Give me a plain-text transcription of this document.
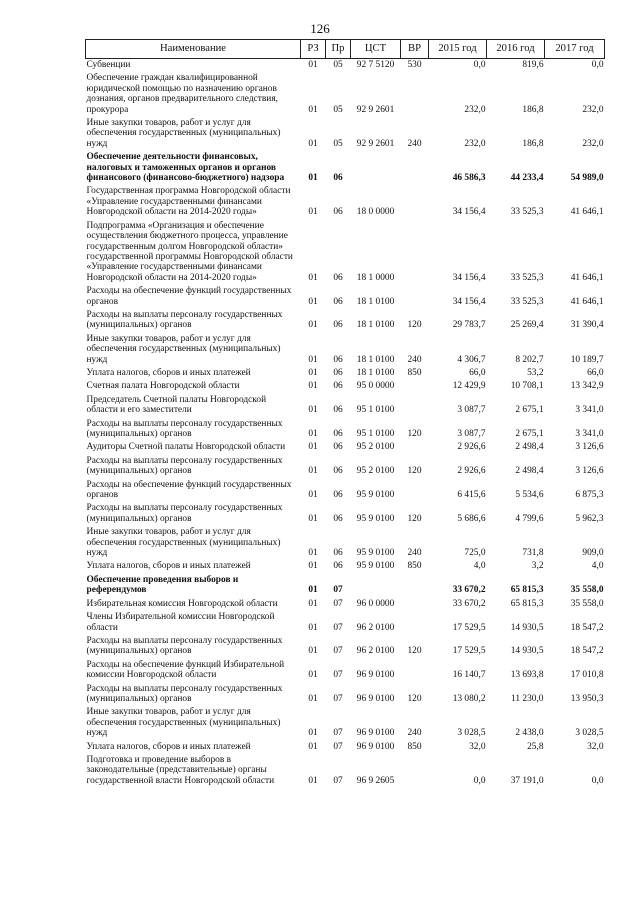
126
Наименование	РЗ	Пр	ЦСТ	ВР	2015 год	2016 год	2017 год
Субвенции	01	05	92 7 5120	530	0,0	819,6	0,0
Обеспечение граждан квалифицированной юридической помощью по назначению органов дознания, органов предварительного следствия, прокурора	01	05	92 9 2601		232,0	186,8	232,0
Иные закупки товаров, работ и услуг для обеспечения государственных (муниципальных) нужд	01	05	92 9 2601	240	232,0	186,8	232,0
Обеспечение деятельности финансовых, налоговых и таможенных органов и органов финансового (финансово-бюджетного) надзора	01	06			46 586,3	44 233,4	54 989,0
Государственная программа Новгородской области «Управление государственными финансами Новгородской области на 2014-2020 годы»	01	06	18 0 0000		34 156,4	33 525,3	41 646,1
Подпрограмма «Организация и обеспечение осуществления бюджетного процесса, управление государственным долгом Новгородской области» государственной программы Новгородской области «Управление государственными финансами Новгородской области на 2014-2020 годы»	01	06	18 1 0000		34 156,4	33 525,3	41 646,1
Расходы на обеспечение функций государственных органов	01	06	18 1 0100		34 156,4	33 525,3	41 646,1
Расходы на выплаты персоналу государственных (муниципальных) органов	01	06	18 1 0100	120	29 783,7	25 269,4	31 390,4
Иные закупки товаров, работ и услуг для обеспечения государственных (муниципальных) нужд	01	06	18 1 0100	240	4 306,7	8 202,7	10 189,7
Уплата налогов, сборов и иных платежей	01	06	18 1 0100	850	66,0	53,2	66,0
Счетная палата Новгородской области	01	06	95 0 0000		12 429,9	10 708,1	13 342,9
Председатель Счетной палаты Новгородской области и его заместители	01	06	95 1 0100		3 087,7	2 675,1	3 341,0
Расходы на выплаты персоналу государственных (муниципальных) органов	01	06	95 1 0100	120	3 087,7	2 675,1	3 341,0
Аудиторы Счетной палаты Новгородской области	01	06	95 2 0100		2 926,6	2 498,4	3 126,6
Расходы на выплаты персоналу государственных (муниципальных) органов	01	06	95 2 0100	120	2 926,6	2 498,4	3 126,6
Расходы на обеспечение функций государственных органов	01	06	95 9 0100		6 415,6	5 534,6	6 875,3
Расходы на выплаты персоналу государственных (муниципальных) органов	01	06	95 9 0100	120	5 686,6	4 799,6	5 962,3
Иные закупки товаров, работ и услуг для обеспечения государственных (муниципальных) нужд	01	06	95 9 0100	240	725,0	731,8	909,0
Уплата налогов, сборов и иных платежей	01	06	95 9 0100	850	4,0	3,2	4,0
Обеспечение проведения выборов и референдумов	01	07			33 670,2	65 815,3	35 558,0
Избирательная комиссия Новгородской области	01	07	96 0 0000		33 670,2	65 815,3	35 558,0
Члены Избирательной комиссии Новгородской области	01	07	96 2 0100		17 529,5	14 930,5	18 547,2
Расходы на выплаты персоналу государственных (муниципальных) органов	01	07	96 2 0100	120	17 529,5	14 930,5	18 547,2
Расходы на обеспечение функций Избирательной комиссии Новгородской области	01	07	96 9 0100		16 140,7	13 693,8	17 010,8
Расходы на выплаты персоналу государственных (муниципальных) органов	01	07	96 9 0100	120	13 080,2	11 230,0	13 950,3
Иные закупки товаров, работ и услуг для обеспечения государственных (муниципальных) нужд	01	07	96 9 0100	240	3 028,5	2 438,0	3 028,5
Уплата налогов, сборов и иных платежей	01	07	96 9 0100	850	32,0	25,8	32,0
Подготовка и проведение выборов в законодательные (представительные) органы государственной власти Новгородской области	01	07	96 9 2605		0,0	37 191,0	0,0
